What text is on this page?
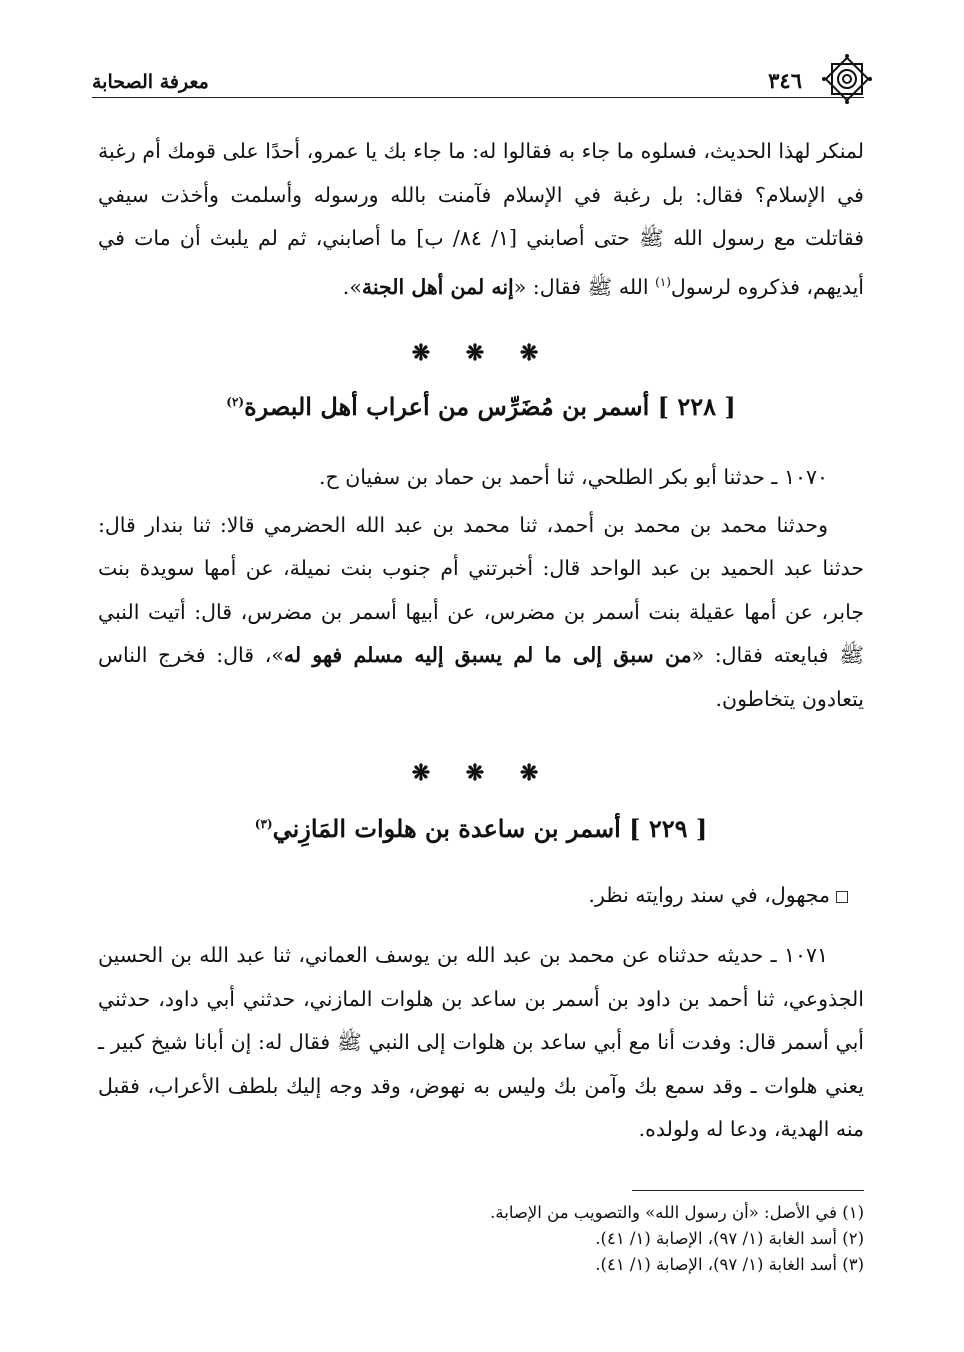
معرفة الصحابة	٣٤٦

لمنكر لهذا الحديث، فسلوه ما جاء به فقالوا له: ما جاء بك يا عمرو، أحدًا على قومك أم رغبة في الإسلام؟ فقال: بل رغبة في الإسلام فآمنت بالله ورسوله وأسلمت وأخذت سيفي فقاتلت مع رسول الله ﷺ حتى أصابني [١/ ٨٤/ ب] ما أصابني، ثم لم يلبث أن مات في أيديهم، فذكروه لرسول$^{(١)}$ الله ﷺ فقال: «إنه لمن أهل الجنة».

❋ ❋ ❋
[ ٢٢٨ ] أسمر بن مُضَرِّس من أعراب أهل البصرة$^{(٢)}$

١٠٧٠ ـ حدثنا أبو بكر الطلحي، ثنا أحمد بن حماد بن سفيان ح.

وحدثنا محمد بن محمد بن أحمد، ثنا محمد بن عبد الله الحضرمي قالا: ثنا بندار قال: حدثنا عبد الحميد بن عبد الواحد قال: أخبرتني أم جنوب بنت نميلة، عن أمها سويدة بنت جابر، عن أمها عقيلة بنت أسمر بن مضرس، عن أبيها أسمر بن مضرس، قال: أتيت النبي ﷺ فبايعته فقال: «من سبق إلى ما لم يسبق إليه مسلم فهو له»، قال: فخرج الناس يتعادون يتخاطون.

❋ ❋ ❋
[ ٢٢٩ ] أسمر بن ساعدة بن هلوات المَازِني$^{(٣)}$

مجهول، في سند روايته نظر.

١٠٧١ ـ حديثه حدثناه عن محمد بن عبد الله بن يوسف العماني، ثنا عبد الله بن الحسين الجذوعي، ثنا أحمد بن داود بن أسمر بن ساعد بن هلوات المازني، حدثني أبي داود، حدثني أبي أسمر قال: وفدت أنا مع أبي ساعد بن هلوات إلى النبي ﷺ فقال له: إن أبانا شيخ كبير ـ يعني هلوات ـ وقد سمع بك وآمن بك وليس به نهوض، وقد وجه إليك بلطف الأعراب، فقبل منه الهدية، ودعا له ولولده.

(١) في الأصل: «أن رسول الله» والتصويب من الإصابة.

(٢) أسد الغابة (١/ ٩٧)، الإصابة (١/ ٤١).

(٣) أسد الغابة (١/ ٩٧)، الإصابة (١/ ٤١).
